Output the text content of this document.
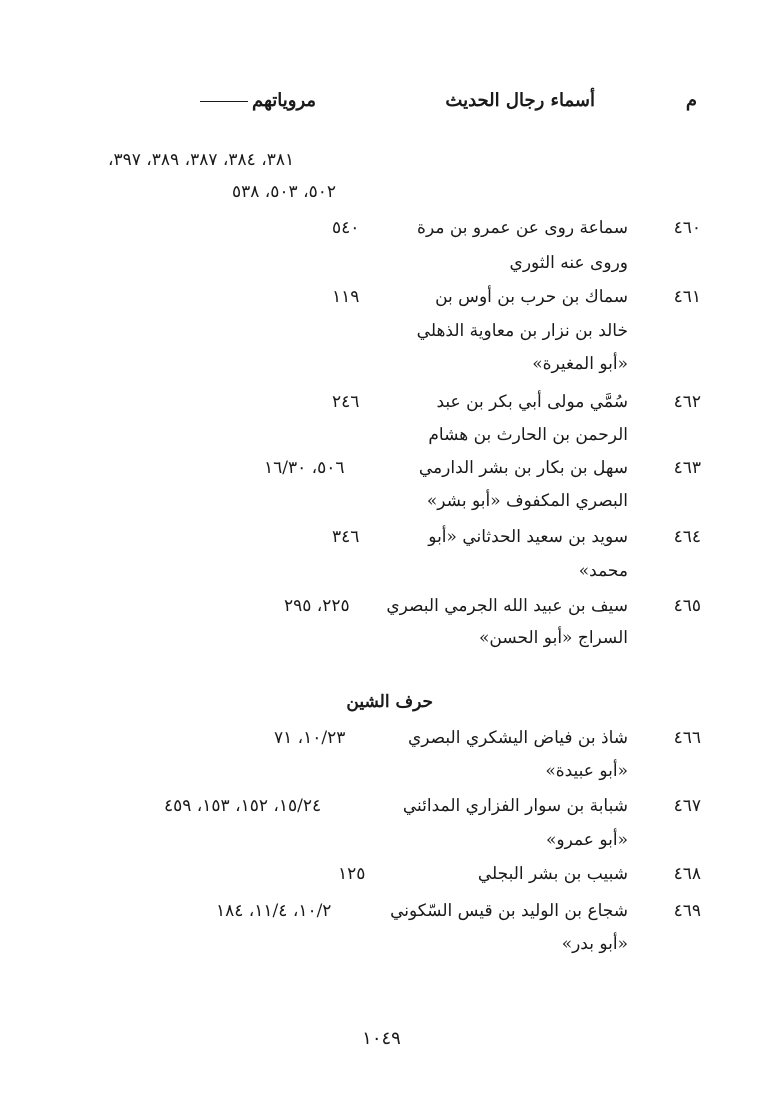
م
أسماء رجال الحديث
مروياتهم
٣٨١، ٣٨٤، ٣٨٧، ٣٨٩، ٣٩٧،
٥٠٢، ٥٠٣، ٥٣٨
٤٦٠
سماعة روى عن عمرو بن مرة
وروى عنه الثوري
٥٤٠
٤٦١
سماك بن حرب بن أوس بن
خالد بن نزار بن معاوية الذهلي
«أبو المغيرة»
١١٩
٤٦٢
سُمَّي مولى أبي بكر بن عبد
الرحمن بن الحارث بن هشام
٢٤٦
٤٦٣
سهل بن بكار بن بشر الدارمي
البصري المكفوف «أبو بشر»
٥٠٦، ١٦/٣٠
٤٦٤
سويد بن سعيد الحدثاني «أبو
محمد»
٣٤٦
٤٦٥
سيف بن عبيد الله الجرمي البصري
السراج «أبو الحسن»
٢٢٥، ٢٩٥
حرف الشين
٤٦٦
شاذ بن فياض اليشكري البصري
«أبو عبيدة»
١٠/٢٣، ٧١
٤٦٧
شبابة بن سوار الفزاري المدائني
«أبو عمرو»
١٥/٢٤، ١٥٢، ١٥٣، ٤٥٩
٤٦٨
شبيب بن بشر البجلي
١٢٥
٤٦٩
شجاع بن الوليد بن قيس السّكوني
«أبو بدر»
١٠/٢، ١١/٤، ١٨٤
١٠٤٩
